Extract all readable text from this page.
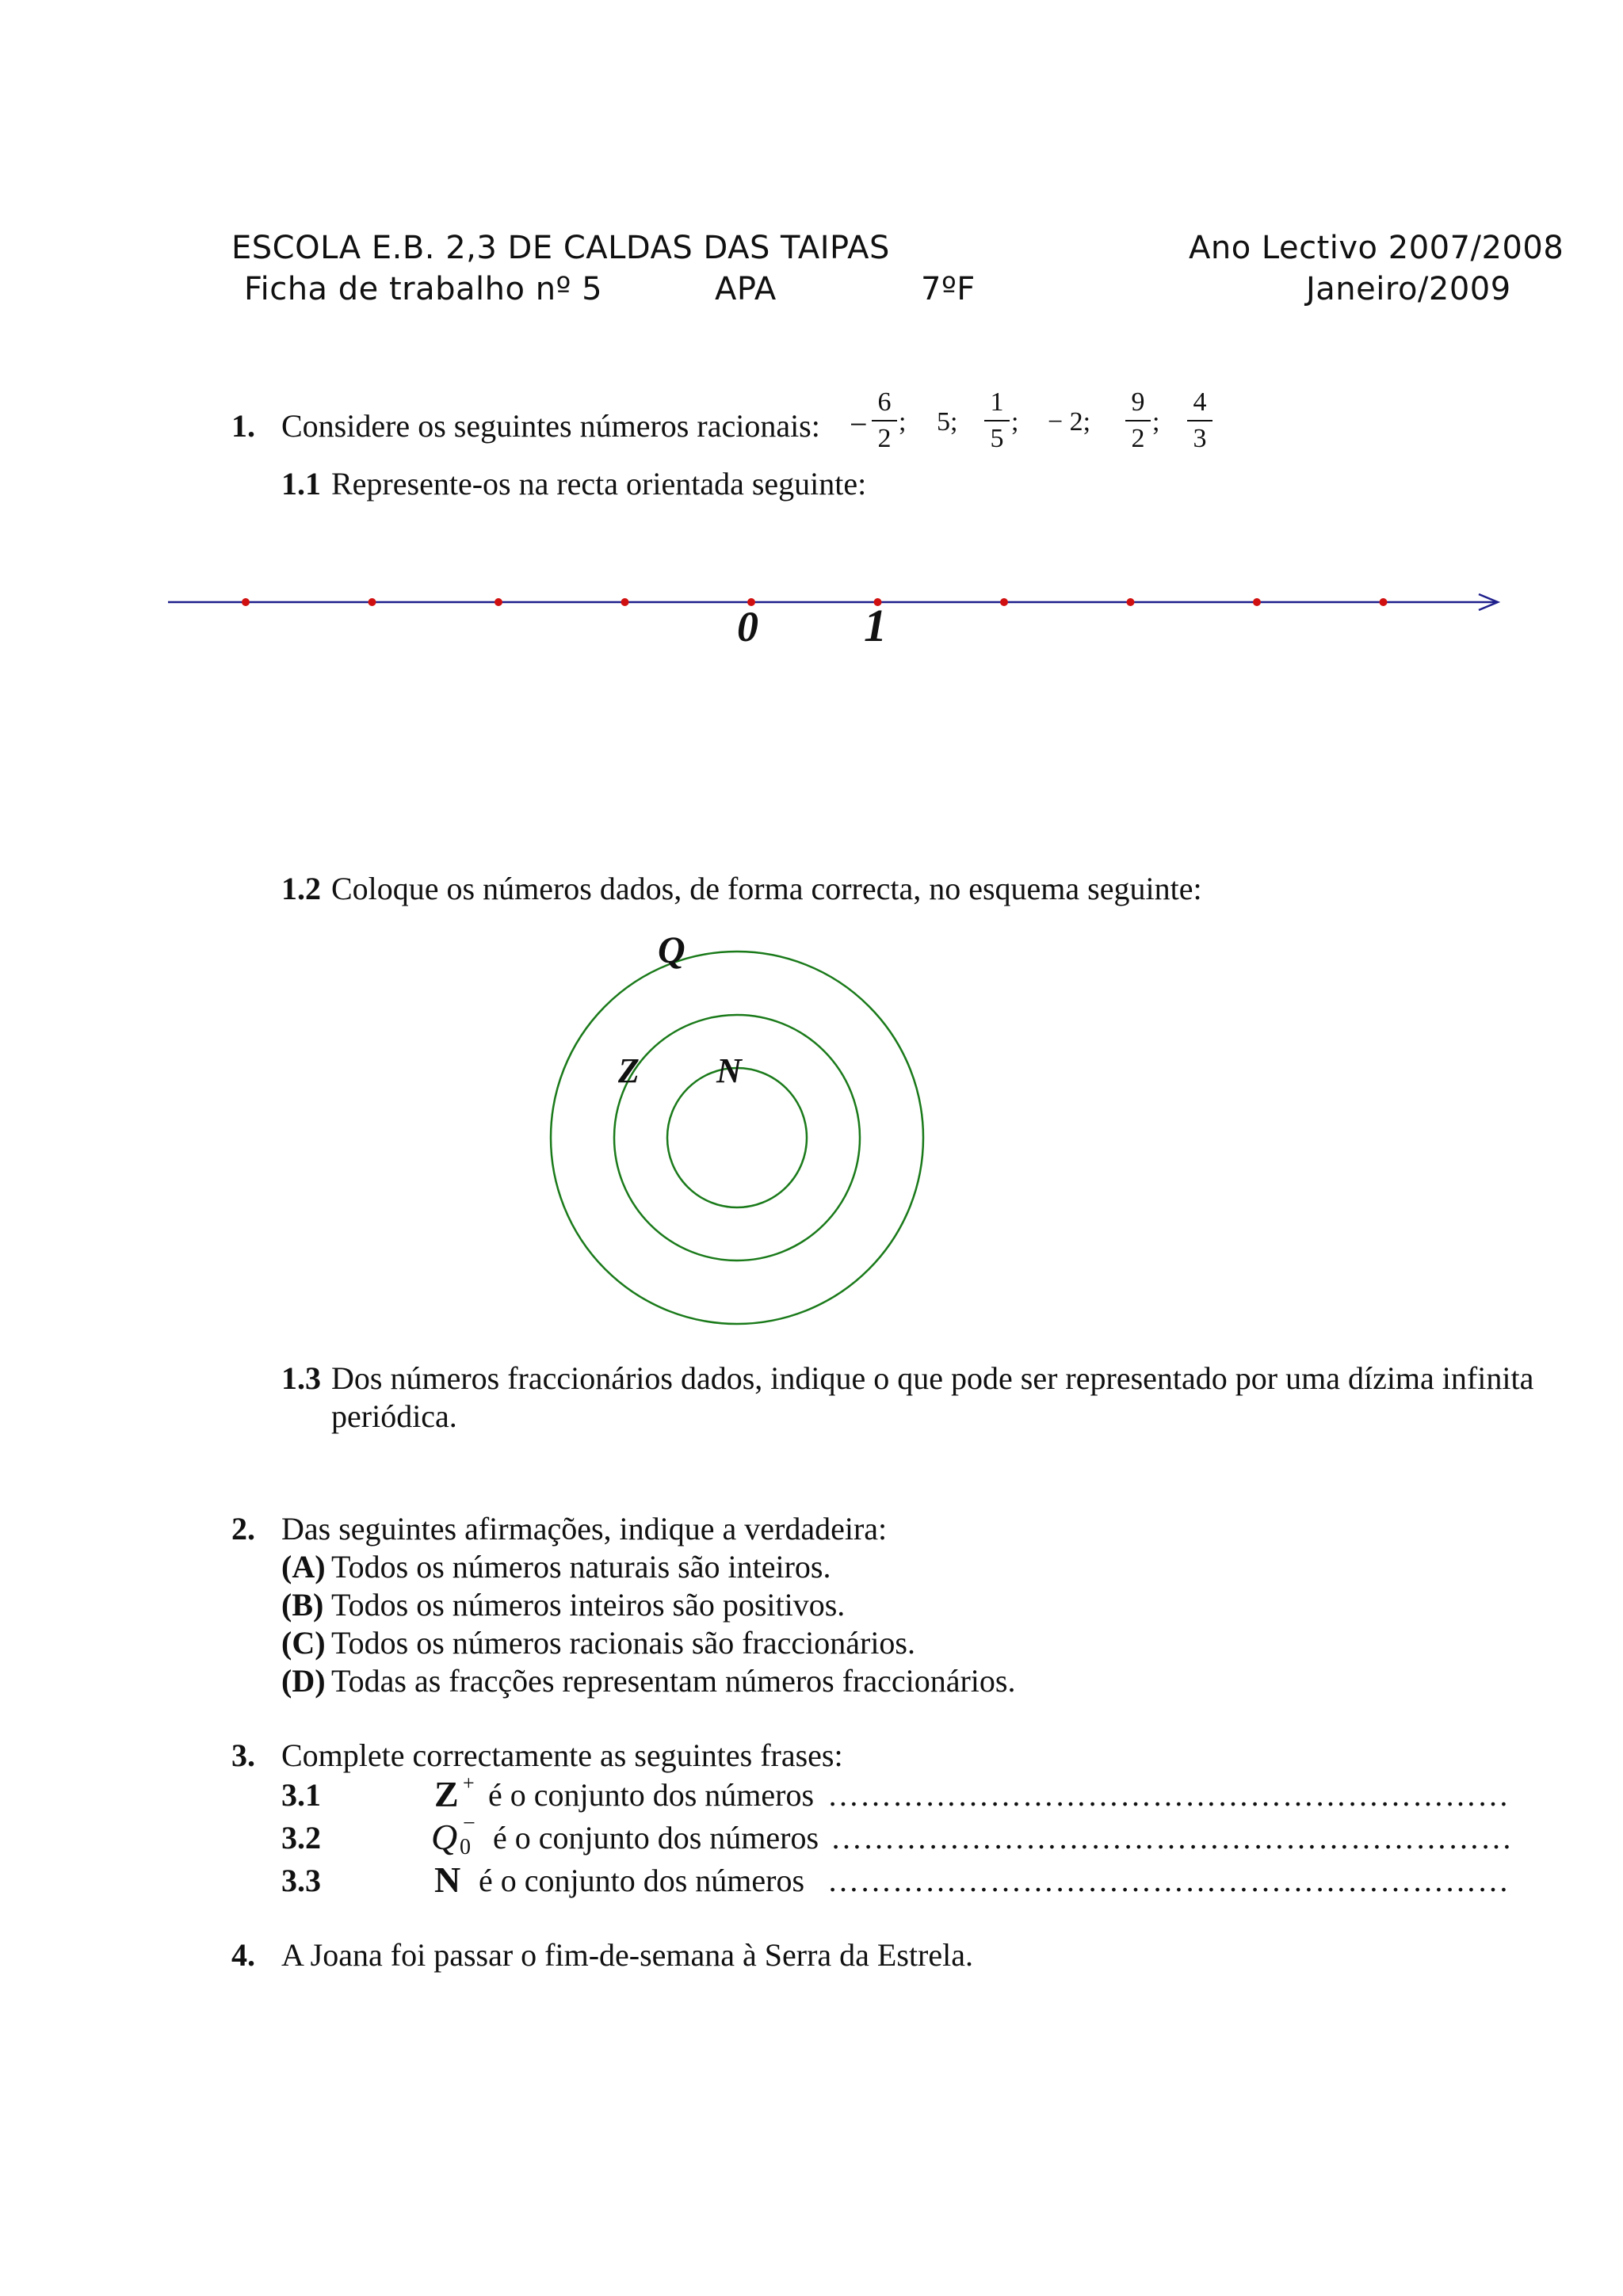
ESCOLA E.B. 2,3 DE CALDAS DAS TAIPAS	Ano Lectivo 2007/2008
Ficha de trabalho nº 5	APA	7ºF	Janeiro/2009
1. Considere os seguintes números racionais: −
6
2
; 5;
1
5
; − 2;
9
2
;
4
3
1.1 Represente-os na recta orientada seguinte:
0 1
1.2 Coloque os números dados, de forma correcta, no esquema seguinte:
Q
Z N
1.3 Dos números fraccionários dados, indique o que pode ser representado por uma dízima infinita
periódica.
2. Das seguintes afirmações, indique a verdadeira:
(A) Todos os números naturais são inteiros.
(B) Todos os números inteiros são positivos.
(C) Todos os números racionais são fraccionários.
(D) Todas as fracções representam números fraccionários.
3. Complete correctamente as seguintes frases:
3.1	Z + é o conjunto dos números ………………………………………………………
3.2	Q −
0 é o conjunto dos números ………………………………………………………
3.3	N é o conjunto dos números ………………………………………………………
4. A Joana foi passar o fim-de-semana à Serra da Estrela.
